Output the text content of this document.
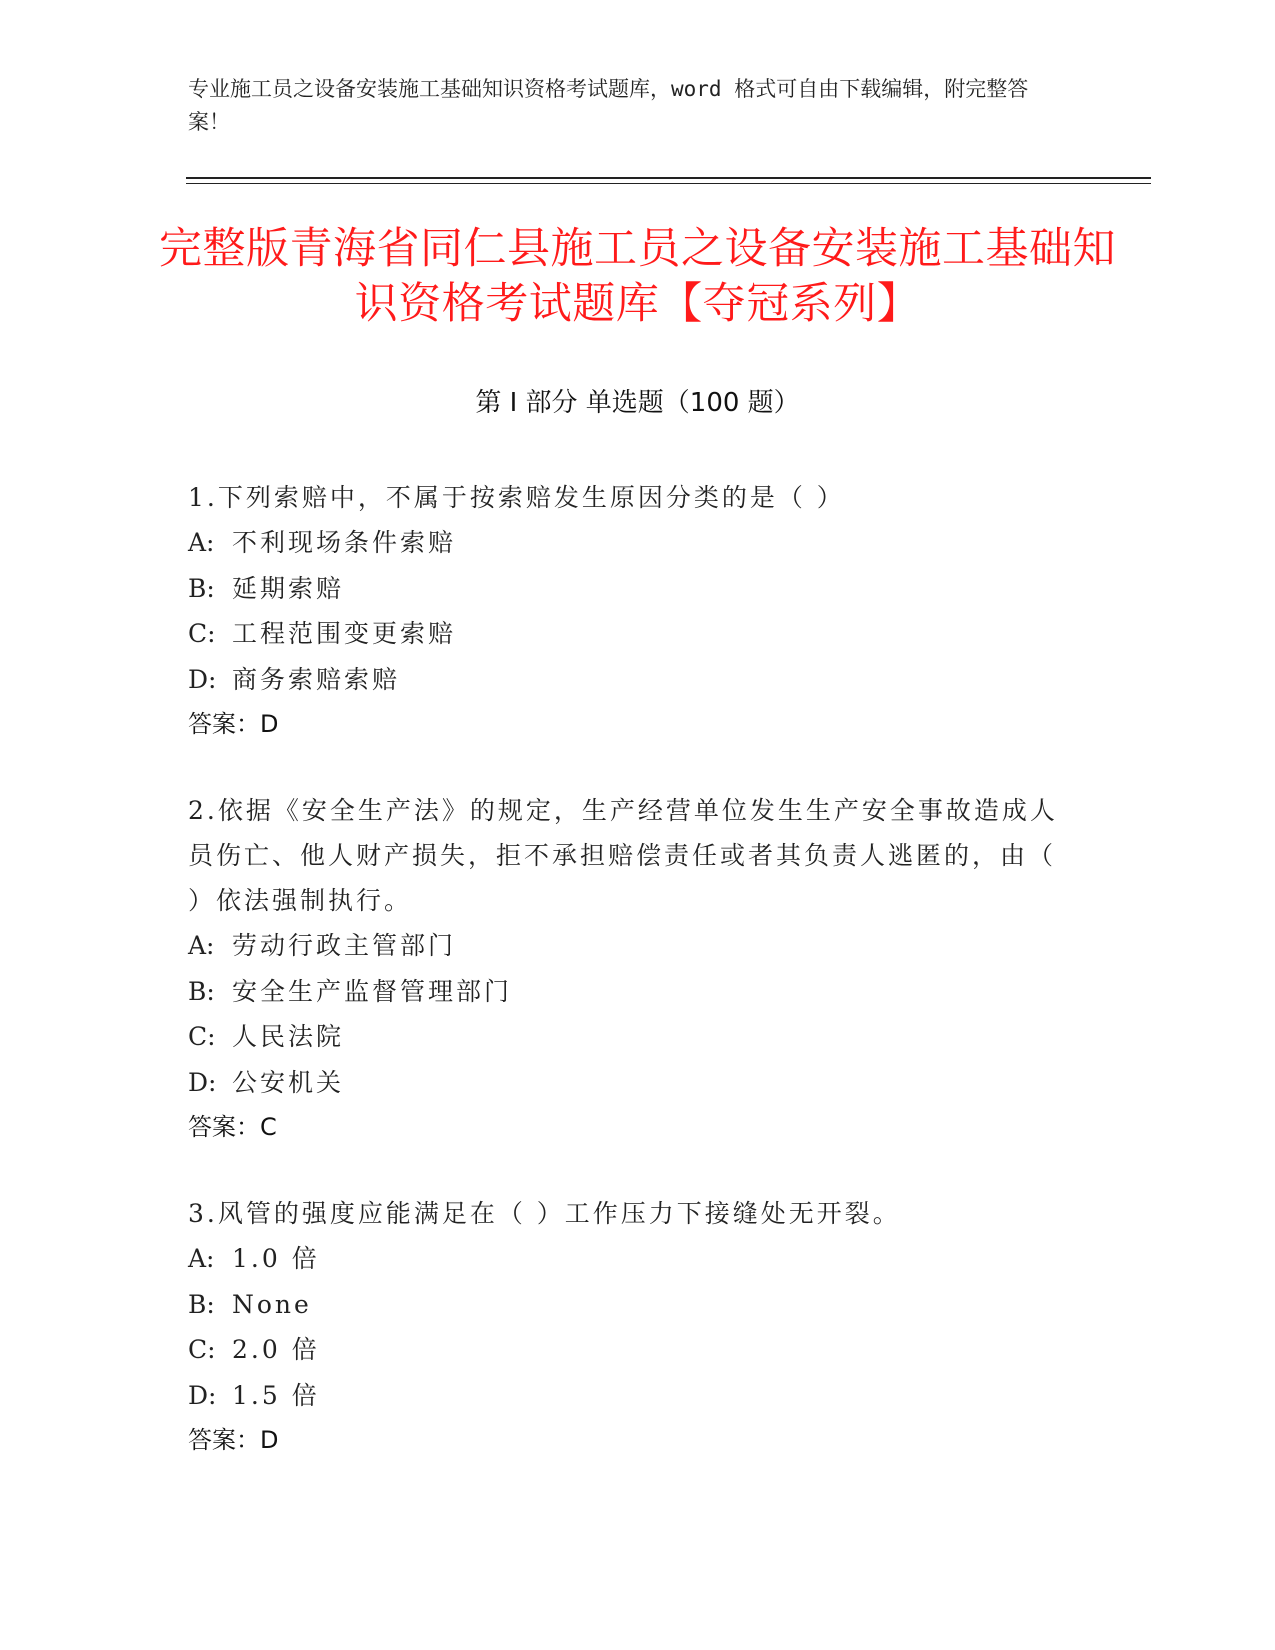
专业施工员之设备安装施工基础知识资格考试题库，word 格式可自由下载编辑，附完整答案！
完整版青海省同仁县施工员之设备安装施工基础知识资格考试题库【夺冠系列】
第 I 部分 单选题（100 题）
1.下列索赔中，不属于按索赔发生原因分类的是（ ）
A: 不利现场条件索赔
B: 延期索赔
C: 工程范围变更索赔
D: 商务索赔索赔
答案：D
2.依据《安全生产法》的规定，生产经营单位发生生产安全事故造成人员伤亡、他人财产损失，拒不承担赔偿责任或者其负责人逃匿的，由（ ）依法强制执行。
A: 劳动行政主管部门
B: 安全生产监督管理部门
C: 人民法院
D: 公安机关
答案：C
3.风管的强度应能满足在（ ）工作压力下接缝处无开裂。
A: 1.0 倍
B: None
C: 2.0 倍
D: 1.5 倍
答案：D
